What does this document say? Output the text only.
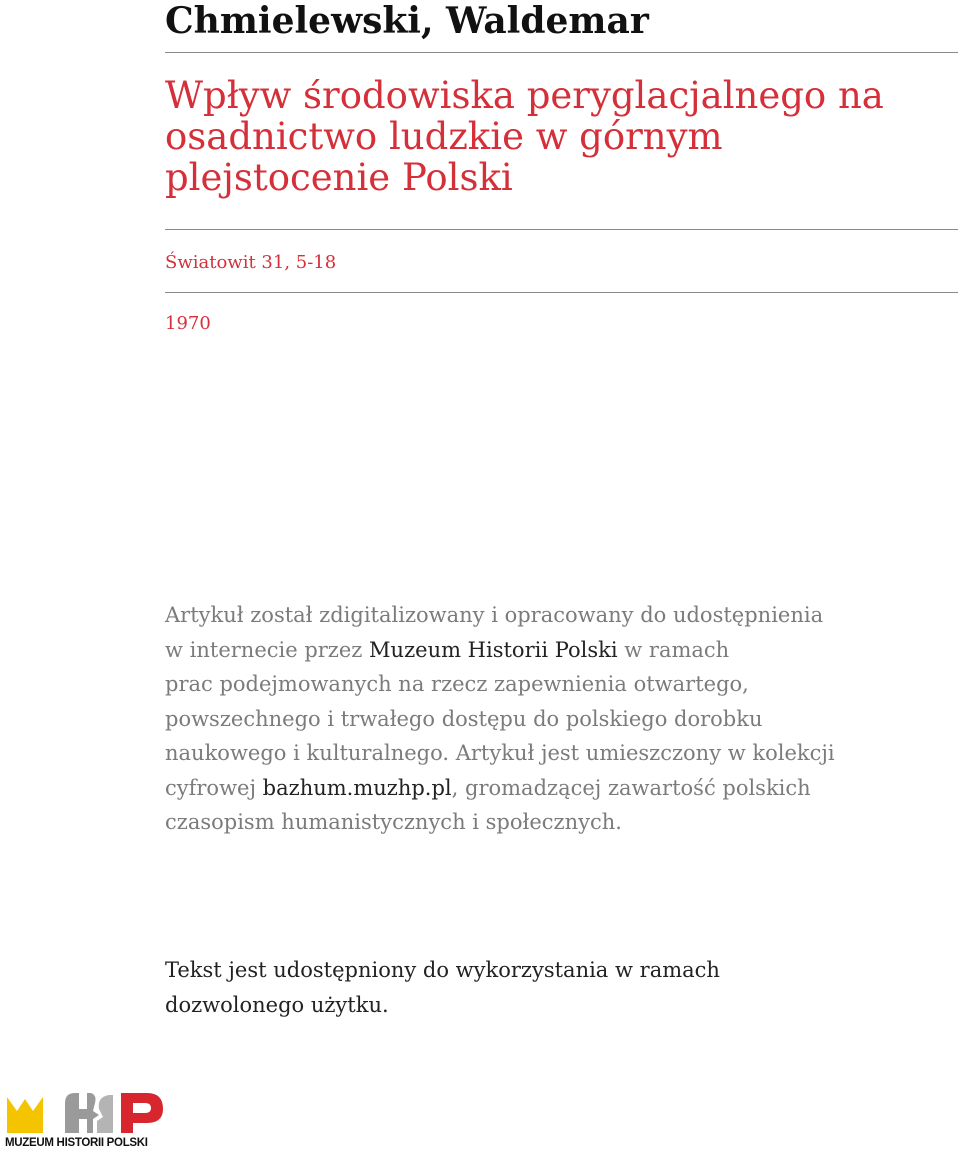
Chmielewski, Waldemar
Wpływ środowiska peryglacjalnego na
osadnictwo ludzkie w górnym
plejstocenie Polski
Światowit 31, 5-18
1970

Artykuł został zdigitalizowany i opracowany do udostępnienia
w internecie przez Muzeum Historii Polski w ramach
prac podejmowanych na rzecz zapewnienia otwartego,
powszechnego i trwałego dostępu do polskiego dorobku
naukowego i kulturalnego. Artykuł jest umieszczony w kolekcji
cyfrowej bazhum.muzhp.pl, gromadzącej zawartość polskich
czasopism humanistycznych i społecznych.

Tekst jest udostępniony do wykorzystania w ramach
dozwolonego użytku.

MUZEUM HISTORII POLSKI
